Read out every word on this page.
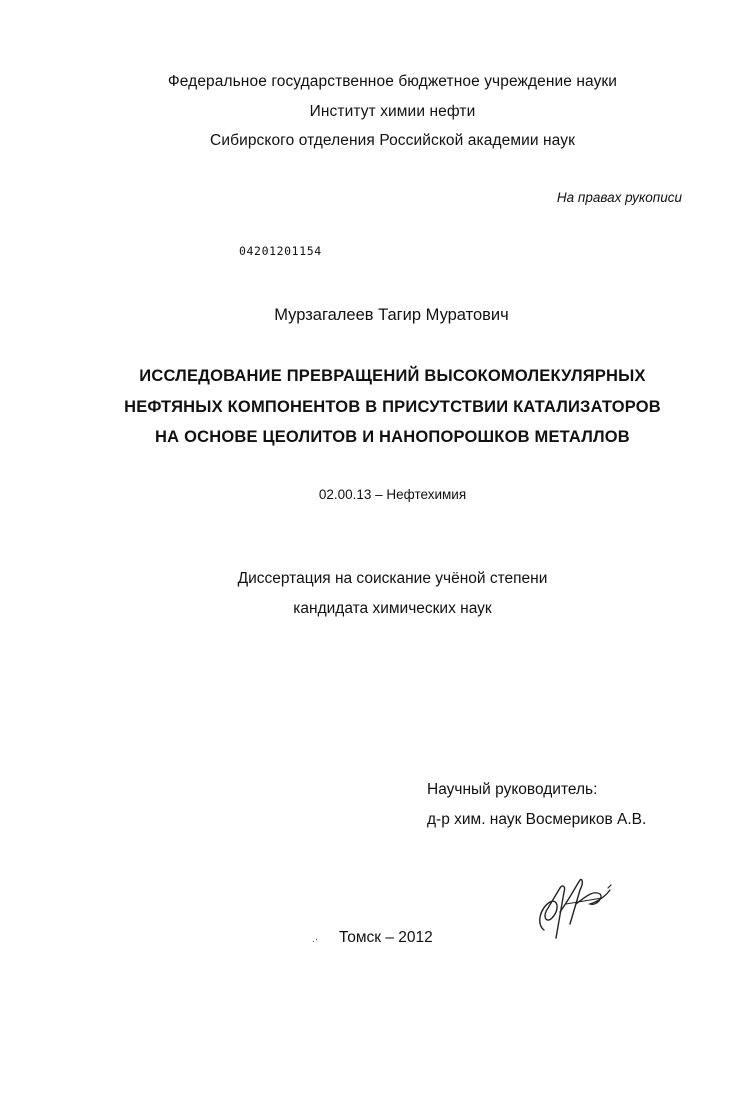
Федеральное государственное бюджетное учреждение науки
Институт химии нефти
Сибирского отделения Российской академии наук
На правах рукописи
04201201154
Мурзагалеев Тагир Муратович
ИССЛЕДОВАНИЕ ПРЕВРАЩЕНИЙ ВЫСОКОМОЛЕКУЛЯРНЫХ
НЕФТЯНЫХ КОМПОНЕНТОВ В ПРИСУТСТВИИ КАТАЛИЗАТОРОВ
НА ОСНОВЕ ЦЕОЛИТОВ И НАНОПОРОШКОВ МЕТАЛЛОВ
02.00.13 – Нефтехимия
Диссертация на соискание учёной степени
кандидата химических наук
Научный руководитель:
д-р хим. наук Восмериков А.В.
.· Томск – 2012
